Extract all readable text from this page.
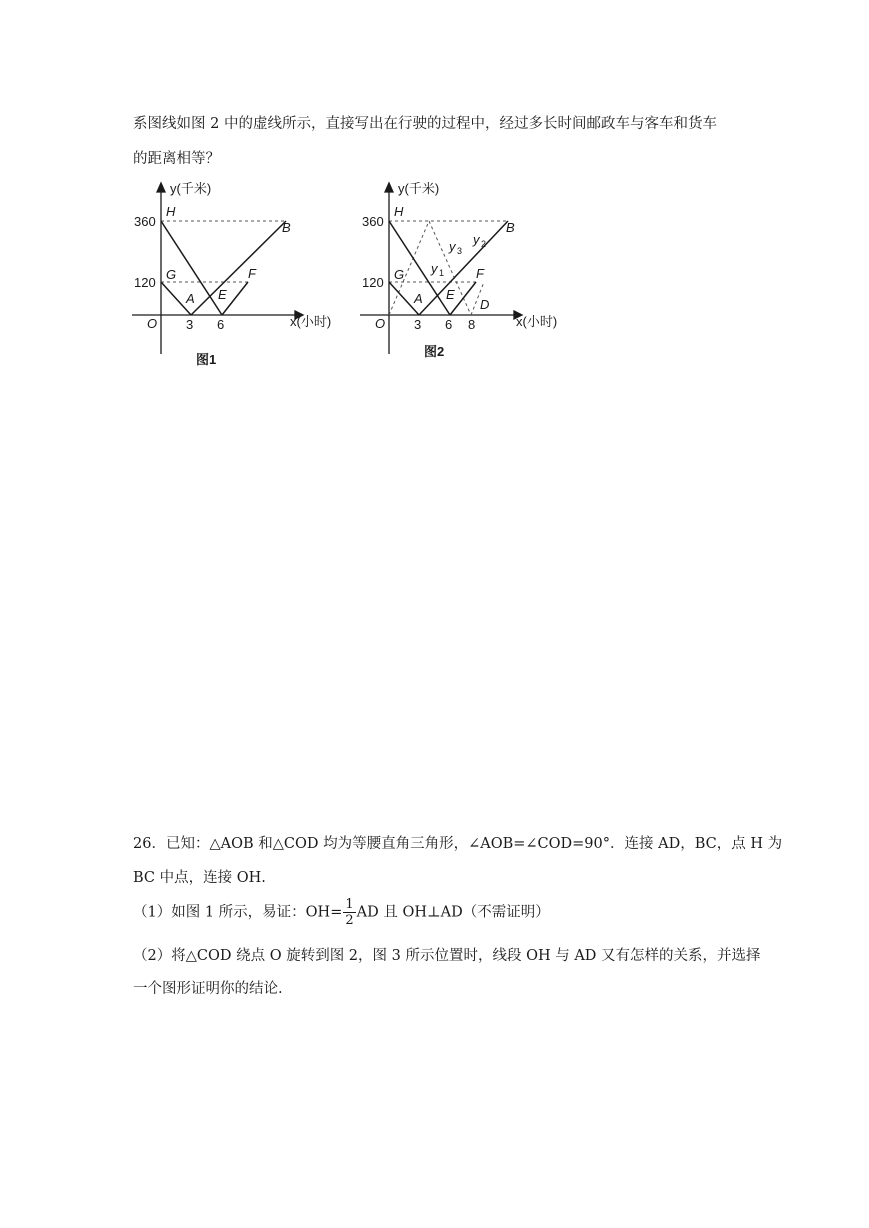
系图线如图 2 中的虚线所示，直接写出在行驶的过程中，经过多长时间邮政车与客车和货车
的距离相等？
360
120
y(千米)
x(小时)
O 3 6
H
G
A E
F
B
图1
360
120
y(千米)
x(小时)
O 3 6 8
H
G
A E
F
B
D
y 1
y 2
y 3
图2
26．已知：△AOB 和△COD 均为等腰直角三角形，∠AOB=∠COD=90°．连接 AD，BC，点 H 为
BC 中点，连接 OH.
（1）如图 1 所示，易证：$OH= \frac{1}{2}$ AD 且 OH⊥AD（不需证明）
（2）将△COD 绕点 O 旋转到图 2，图 3 所示位置时，线段 OH 与 AD 又有怎样的关系，并选择
一个图形证明你的结论.
